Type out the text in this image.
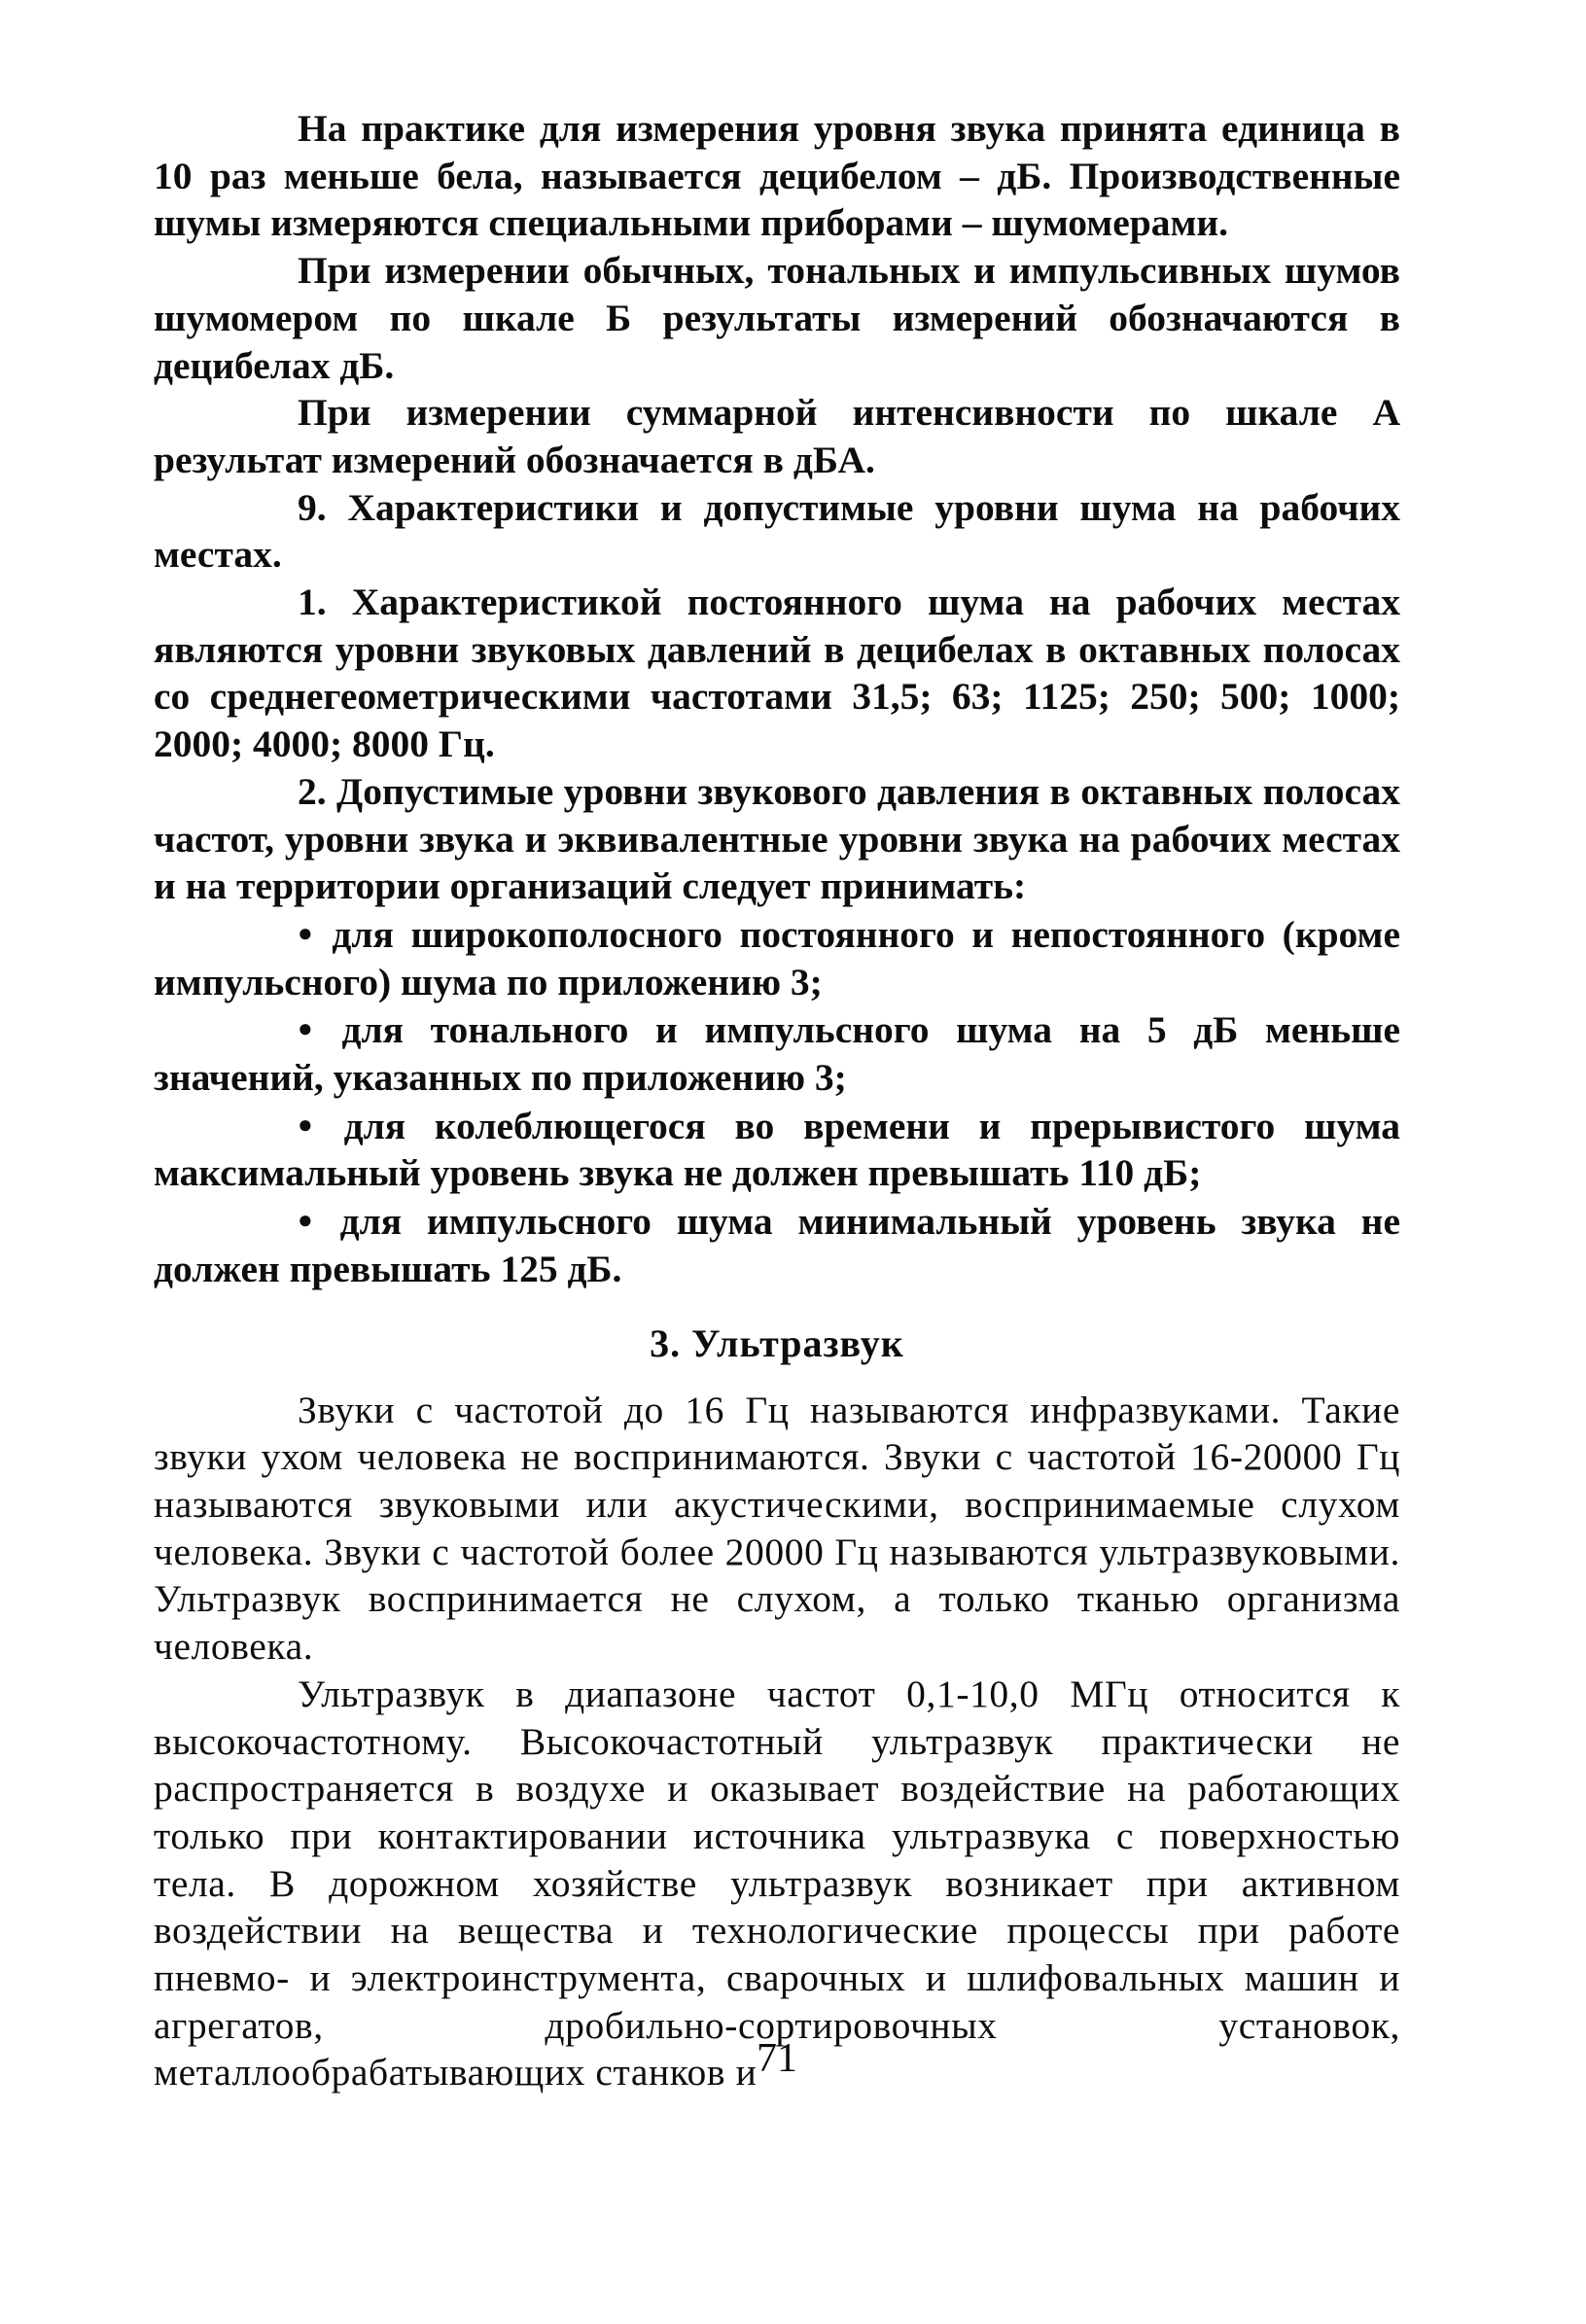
На практике для измерения уровня звука принята единица в 10 раз меньше бела, называется децибелом – дБ. Производственные шумы измеряются специальными приборами – шумомерами.

При измерении обычных, тональных и импульсивных шумов шумомером по шкале Б результаты измерений обозначаются в децибелах дБ.

При измерении суммарной интенсивности по шкале А результат измерений обозначается в дБА.

9. Характеристики и допустимые уровни шума на рабочих местах.

1. Характеристикой постоянного шума на рабочих местах являются уровни звуковых давлений в децибелах в октавных полосах со среднегеометрическими частотами 31,5; 63; 1125; 250; 500; 1000; 2000; 4000; 8000 Гц.

2. Допустимые уровни звукового давления в октавных полосах частот, уровни звука и эквивалентные уровни звука на рабочих местах и на территории организаций следует принимать:

● для широкополосного постоянного и непостоянного (кроме импульсного) шума по приложению 3;

● для тонального и импульсного шума на 5 дБ меньше значений, указанных по приложению 3;

● для колеблющегося во времени и прерывистого шума максимальный уровень звука не должен превышать 110 дБ;

● для импульсного шума минимальный уровень звука не должен превышать 125 дБ.

3. Ультразвук

Звуки с частотой до 16 Гц называются инфразвуками. Такие звуки ухом человека не воспринимаются. Звуки с частотой 16-20000 Гц называются звуковыми или акустическими, воспринимаемые слухом человека. Звуки с частотой более 20000 Гц называются ультразвуковыми. Ультразвук воспринимается не слухом, а только тканью организма человека.

Ультразвук в диапазоне частот 0,1-10,0 МГц относится к высокочастотному. Высокочастотный ультразвук практически не распространяется в воздухе и оказывает воздействие на работающих только при контактировании источника ультразвука с поверхностью тела. В дорожном хозяйстве ультразвук возникает при активном воздействии на вещества и технологические процессы при работе пневмо- и электроинструмента, сварочных и шлифовальных машин и агрегатов, дробильно-сортировочных установок, металлообрабатывающих станков и 71
